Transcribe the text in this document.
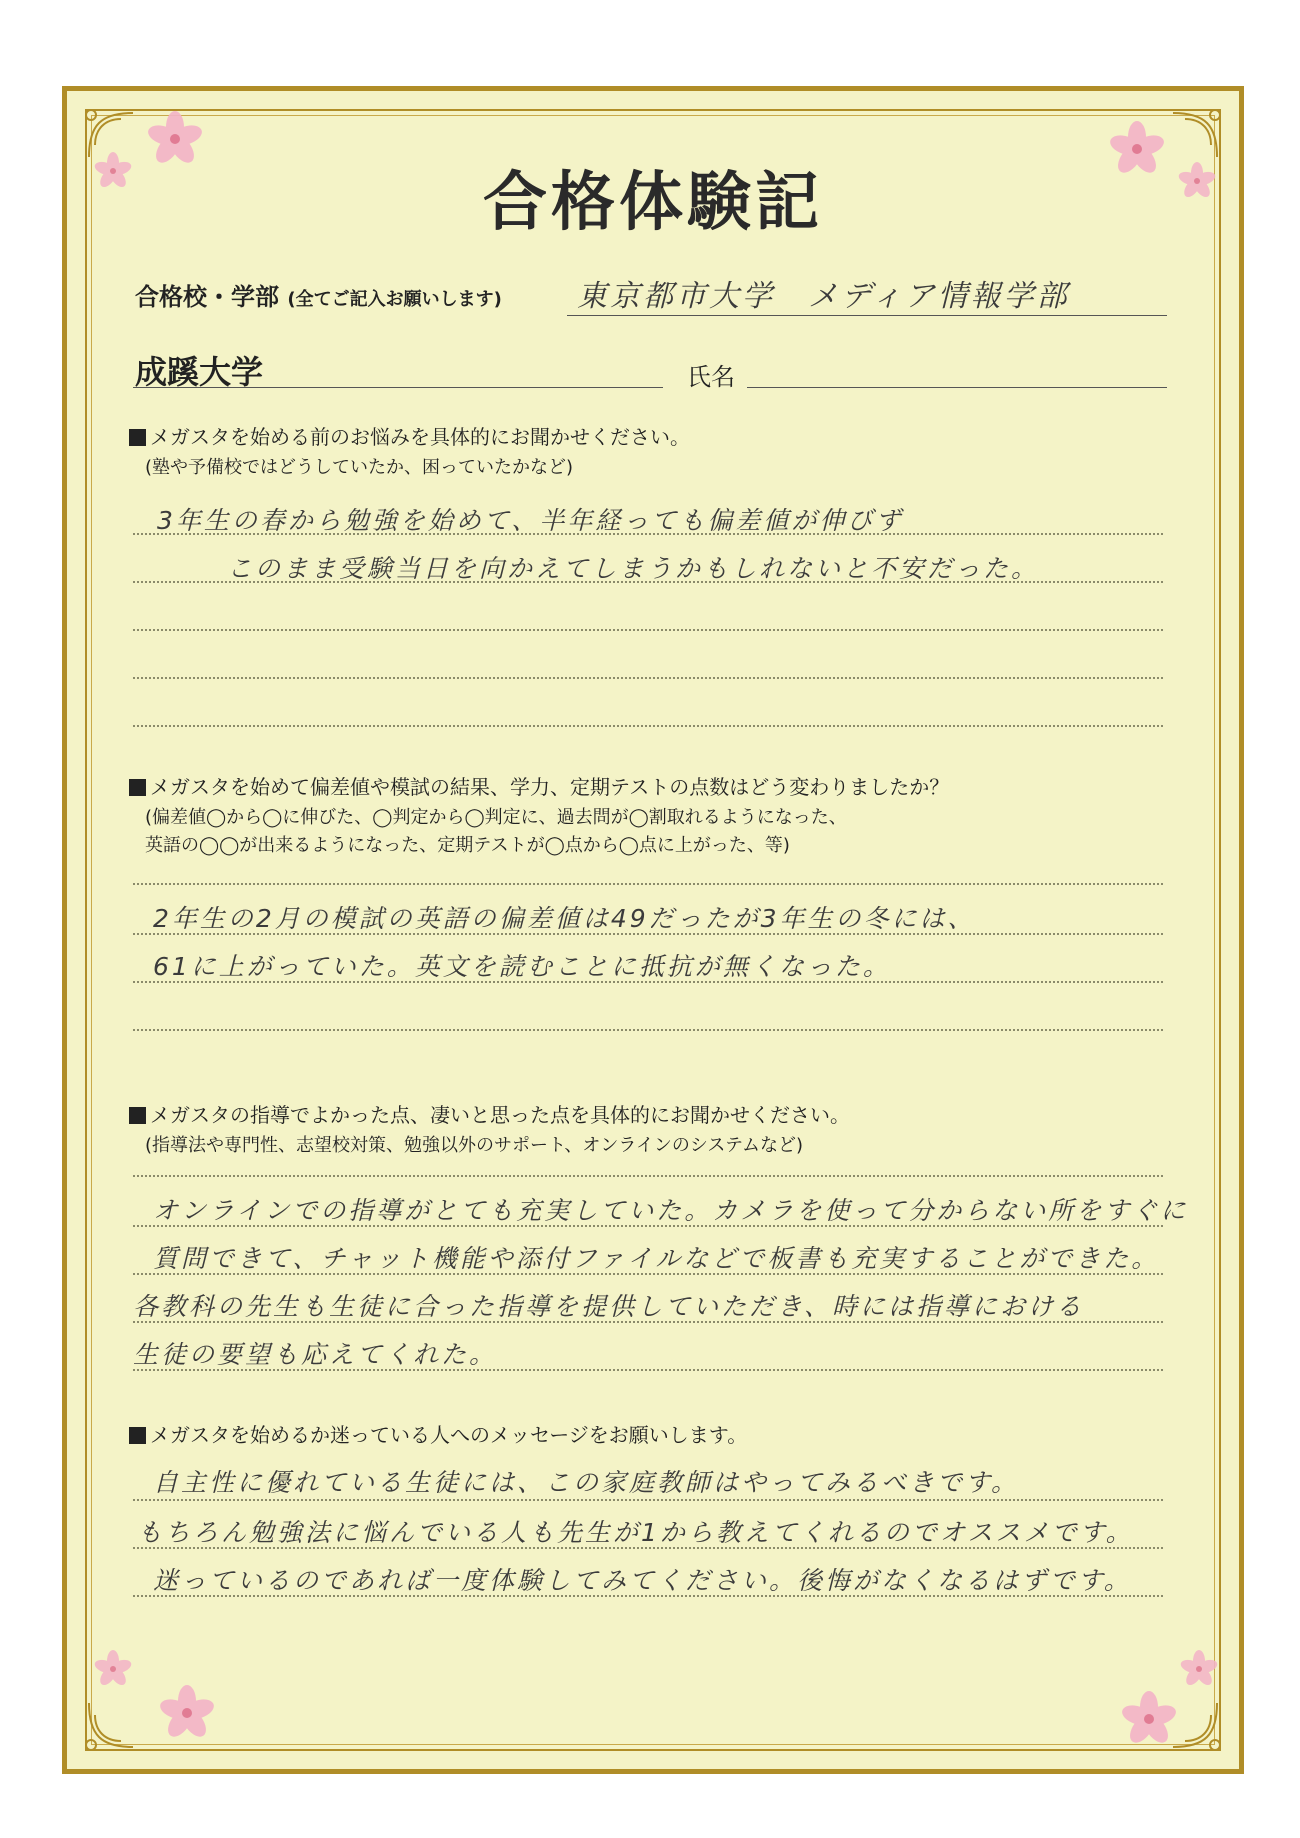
合格体験記
合格校・学部 (全てご記入お願いします)	東京都市大学　メディア情報学部
成蹊大学	氏名
メガスタを始める前のお悩みを具体的にお聞かせください。
(塾や予備校ではどうしていたか、困っていたかなど)
3年生の春から勉強を始めて、半年経っても偏差値が伸びず
このまま受験当日を向かえてしまうかもしれないと不安だった。
メガスタを始めて偏差値や模試の結果、学力、定期テストの点数はどう変わりましたか？
(偏差値◯から◯に伸びた、◯判定から◯判定に、過去問が◯割取れるようになった、
英語の◯◯が出来るようになった、定期テストが◯点から◯点に上がった、等)
2年生の2月の模試の英語の偏差値は49だったが3年生の冬には、
61に上がっていた。英文を読むことに抵抗が無くなった。
メガスタの指導でよかった点、凄いと思った点を具体的にお聞かせください。
(指導法や専門性、志望校対策、勉強以外のサポート、オンラインのシステムなど)
オンラインでの指導がとても充実していた。カメラを使って分からない所をすぐに
質問できて、チャット機能や添付ファイルなどで板書も充実することができた。
各教科の先生も生徒に合った指導を提供していただき、時には指導における
生徒の要望も応えてくれた。
メガスタを始めるか迷っている人へのメッセージをお願いします。
自主性に優れている生徒には、この家庭教師はやってみるべきです。
もちろん勉強法に悩んでいる人も先生が1から教えてくれるのでオススメです。
迷っているのであれば一度体験してみてください。後悔がなくなるはずです。
